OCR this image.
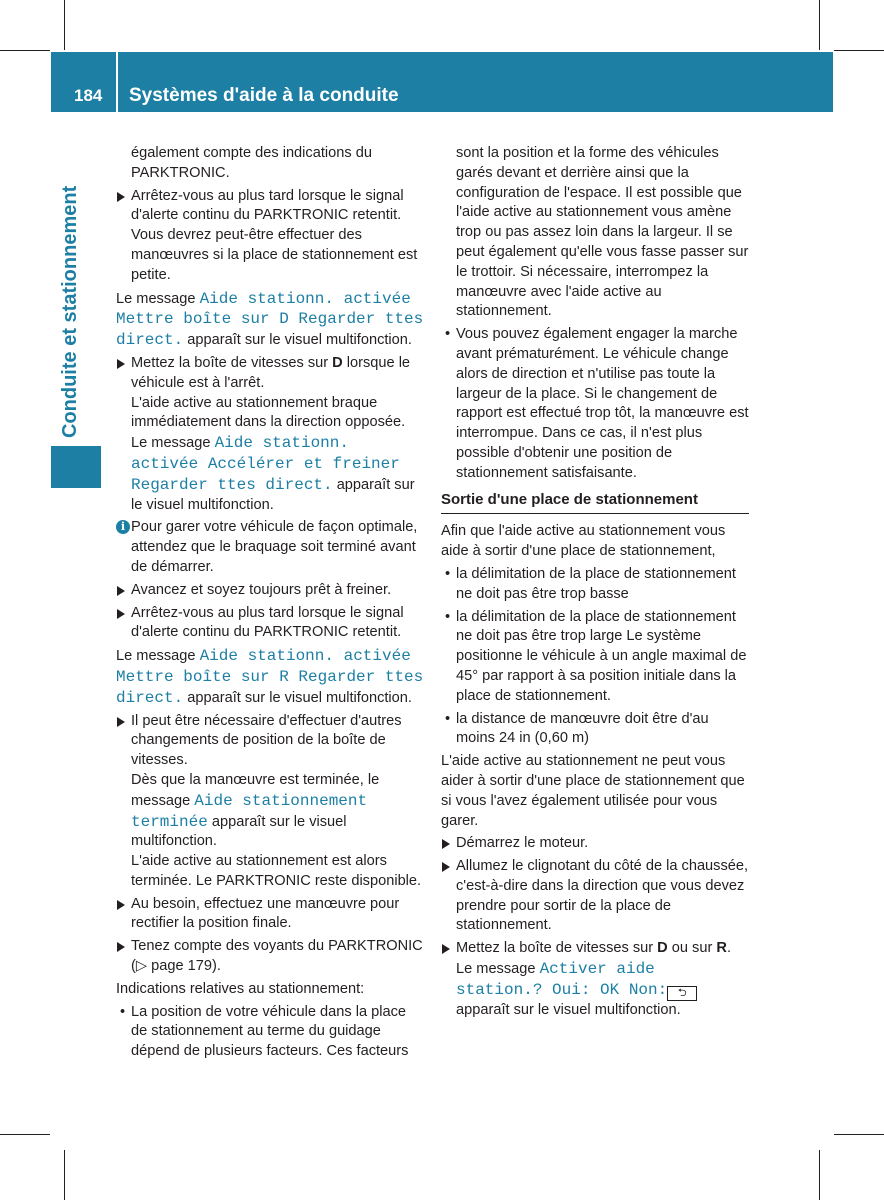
184 Systèmes d'aide à la conduite
Conduite et stationnement

également compte des indications du PARKTRONIC.

Arrêtez-vous au plus tard lorsque le signal d'alerte continu du PARKTRONIC retentit. Vous devrez peut-être effectuer des manœuvres si la place de stationnement est petite.

Le message Aide stationn. activée Mettre boîte sur D Regarder ttes direct. apparaît sur le visuel multifonction.

Mettez la boîte de vitesses sur D lorsque le véhicule est à l'arrêt.

L'aide active au stationnement braque immédiatement dans la direction opposée.

Le message Aide stationn. activée Accélérer et freiner Regarder ttes direct. apparaît sur le visuel multifonction.

i Pour garer votre véhicule de façon optimale, attendez que le braquage soit terminé avant de démarrer.

Avancez et soyez toujours prêt à freiner.

Arrêtez-vous au plus tard lorsque le signal d'alerte continu du PARKTRONIC retentit.

Le message Aide stationn. activée Mettre boîte sur R Regarder ttes direct. apparaît sur le visuel multifonction.

Il peut être nécessaire d'effectuer d'autres changements de position de la boîte de vitesses.

Dès que la manœuvre est terminée, le message Aide stationnement terminée apparaît sur le visuel multifonction.

L'aide active au stationnement est alors terminée. Le PARKTRONIC reste disponible.

Au besoin, effectuez une manœuvre pour rectifier la position finale.

Tenez compte des voyants du PARKTRONIC (▷ page 179).

Indications relatives au stationnement:

• La position de votre véhicule dans la place de stationnement au terme du guidage dépend de plusieurs facteurs. Ces facteurs

sont la position et la forme des véhicules garés devant et derrière ainsi que la configuration de l'espace. Il est possible que l'aide active au stationnement vous amène trop ou pas assez loin dans la largeur. Il se peut également qu'elle vous fasse passer sur le trottoir. Si nécessaire, interrompez la manœuvre avec l'aide active au stationnement.

• Vous pouvez également engager la marche avant prématurément. Le véhicule change alors de direction et n'utilise pas toute la largeur de la place. Si le changement de rapport est effectué trop tôt, la manœuvre est interrompue. Dans ce cas, il n'est plus possible d'obtenir une position de stationnement satisfaisante.

Sortie d'une place de stationnement

Afin que l'aide active au stationnement vous aide à sortir d'une place de stationnement,

• la délimitation de la place de stationnement ne doit pas être trop basse

• la délimitation de la place de stationnement ne doit pas être trop large Le système positionne le véhicule à un angle maximal de 45° par rapport à sa position initiale dans la place de stationnement.

• la distance de manœuvre doit être d'au moins 24 in (0,60 m)

L'aide active au stationnement ne peut vous aider à sortir d'une place de stationnement que si vous l'avez également utilisée pour vous garer.

Démarrez le moteur.

Allumez le clignotant du côté de la chaussée, c'est-à-dire dans la direction que vous devez prendre pour sortir de la place de stationnement.

Mettez la boîte de vitesses sur D ou sur R.

Le message Activer aide station.? Oui: OK Non: ⮌ apparaît sur le visuel multifonction.
